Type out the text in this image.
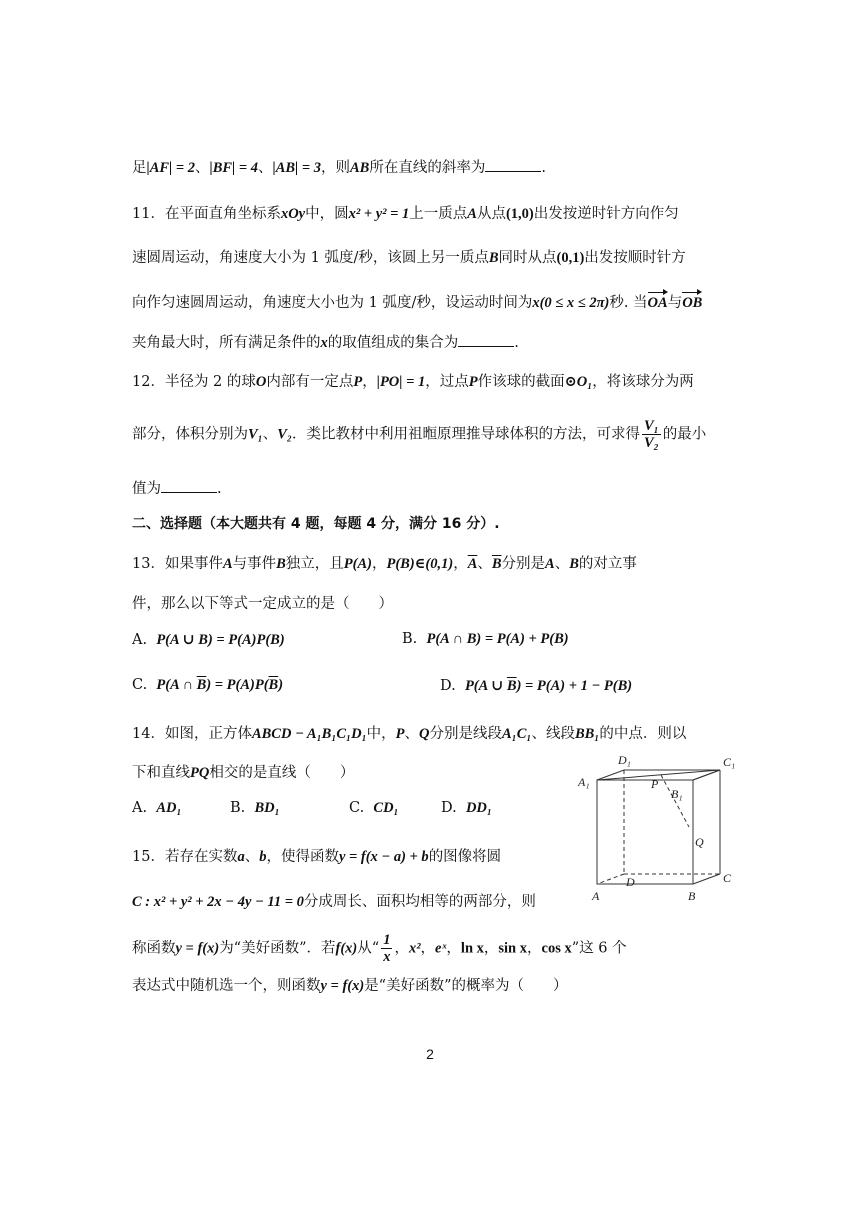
足|AF| = 2、|BF| = 4、|AB| = 3，则AB所在直线的斜率为	.
11．在平面直角坐标系xOy中，圆x² + y² = 1上一质点A从点(1,0)出发按逆时针方向作匀
速圆周运动，角速度大小为 1 弧度/秒，该圆上另一质点B同时从点(0,1)出发按顺时针方
向作匀速圆周运动，角速度大小也为 1 弧度/秒，设运动时间为x(0 ≤ x ≤ 2π)秒. 当OA与OB
夹角最大时，所有满足条件的x的取值组成的集合为	.
12．半径为 2 的球O内部有一定点P，|PO| = 1，过点P作该球的截面⊙O₁，将该球分为两
部分，体积分别为V₁、V₂．类比教材中利用祖暅原理推导球体积的方法，可求得 $\frac{\text{V₁}}{\text{V₂}}$ 的最小
值为	.
二、选择题（本大题共有 4 题，每题 4 分，满分 16 分）.
13．如果事件A与事件B独立，且P(A)，P(B)∈(0,1)，$\overline{A}$、$\overline{B}$分别是A、B的对立事
件，那么以下等式一定成立的是（　　）
A. P(A ∪ B) = P(A)P(B)	B. P(A ∩ B) = P(A) + P(B)
C. P(A ∩ $\overline{B}) = P(A)P(\overline{B})$	D. P(A ∪ $\overline{B}) = P(A) + 1 - P(B)$
14．如图，正方体ABCD − A₁B₁C₁D₁中，P、Q分别是线段A₁C₁、线段BB₁的中点．则以
下和直线PQ相交的是直线（　　）
A. AD₁	B. BD₁	C. CD₁	D. DD₁
D₁	C₁
A₁
B₁
P
Q
D	C
A	B
15．若存在实数a、b，使得函数y = f(x − a) + b的图像将圆
C : x² + y² + 2x − 4y − 11 = 0分成周长、面积均相等的两部分，则
称函数y = f(x)为“美好函数”．若f(x)从“ $\frac{1}{x}$ ，x²，eˣ，ln x，sin x，cos x”这 6 个
表达式中随机选一个，则函数y = f(x)是“美好函数”的概率为（　　）
2
